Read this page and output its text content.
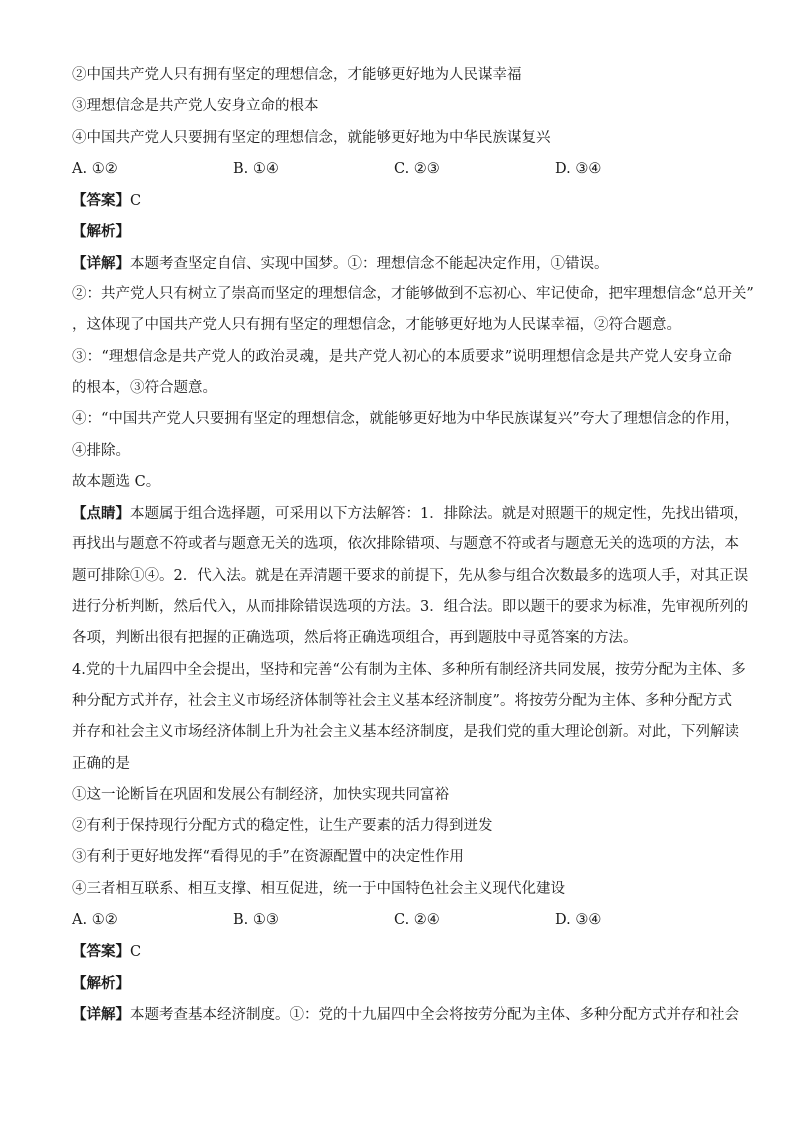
②中国共产党人只有拥有坚定的理想信念，才能够更好地为人民谋幸福
③理想信念是共产党人安身立命的根本
④中国共产党人只要拥有坚定的理想信念，就能够更好地为中华民族谋复兴
A. ①②	B. ①④	C. ②③	D. ③④
【答案】C
【解析】
【详解】本题考查坚定自信、实现中国梦。①：理想信念不能起决定作用，①错误。
②：共产党人只有树立了崇高而坚定的理想信念，才能够做到不忘初心、牢记使命，把牢理想信念“总开关”
，这体现了中国共产党人只有拥有坚定的理想信念，才能够更好地为人民谋幸福，②符合题意。
③：“理想信念是共产党人的政治灵魂，是共产党人初心的本质要求”说明理想信念是共产党人安身立命
的根本，③符合题意。
④：“中国共产党人只要拥有坚定的理想信念，就能够更好地为中华民族谋复兴”夸大了理想信念的作用，
④排除。
故本题选 C。
【点睛】本题属于组合选择题，可采用以下方法解答：1．排除法。就是对照题干的规定性，先找出错项，
再找出与题意不符或者与题意无关的选项，依次排除错项、与题意不符或者与题意无关的选项的方法，本
题可排除①④。2．代入法。就是在弄清题干要求的前提下，先从参与组合次数最多的选项人手，对其正误
进行分析判断，然后代入，从而排除错误选项的方法。3．组合法。即以题干的要求为标准，先审视所列的
各项，判断出很有把握的正确选项，然后将正确选项组合，再到题肢中寻觅答案的方法。
4.党的十九届四中全会提出，坚持和完善“公有制为主体、多种所有制经济共同发展，按劳分配为主体、多
种分配方式并存，社会主义市场经济体制等社会主义基本经济制度”。将按劳分配为主体、多种分配方式
并存和社会主义市场经济体制上升为社会主义基本经济制度，是我们党的重大理论创新。对此，下列解读
正确的是
①这一论断旨在巩固和发展公有制经济，加快实现共同富裕
②有利于保持现行分配方式的稳定性，让生产要素的活力得到迸发
③有利于更好地发挥“看得见的手”在资源配置中的决定性作用
④三者相互联系、相互支撑、相互促进，统一于中国特色社会主义现代化建设
A. ①②	B. ①③	C. ②④	D. ③④
【答案】C
【解析】
【详解】本题考查基本经济制度。①：党的十九届四中全会将按劳分配为主体、多种分配方式并存和社会
